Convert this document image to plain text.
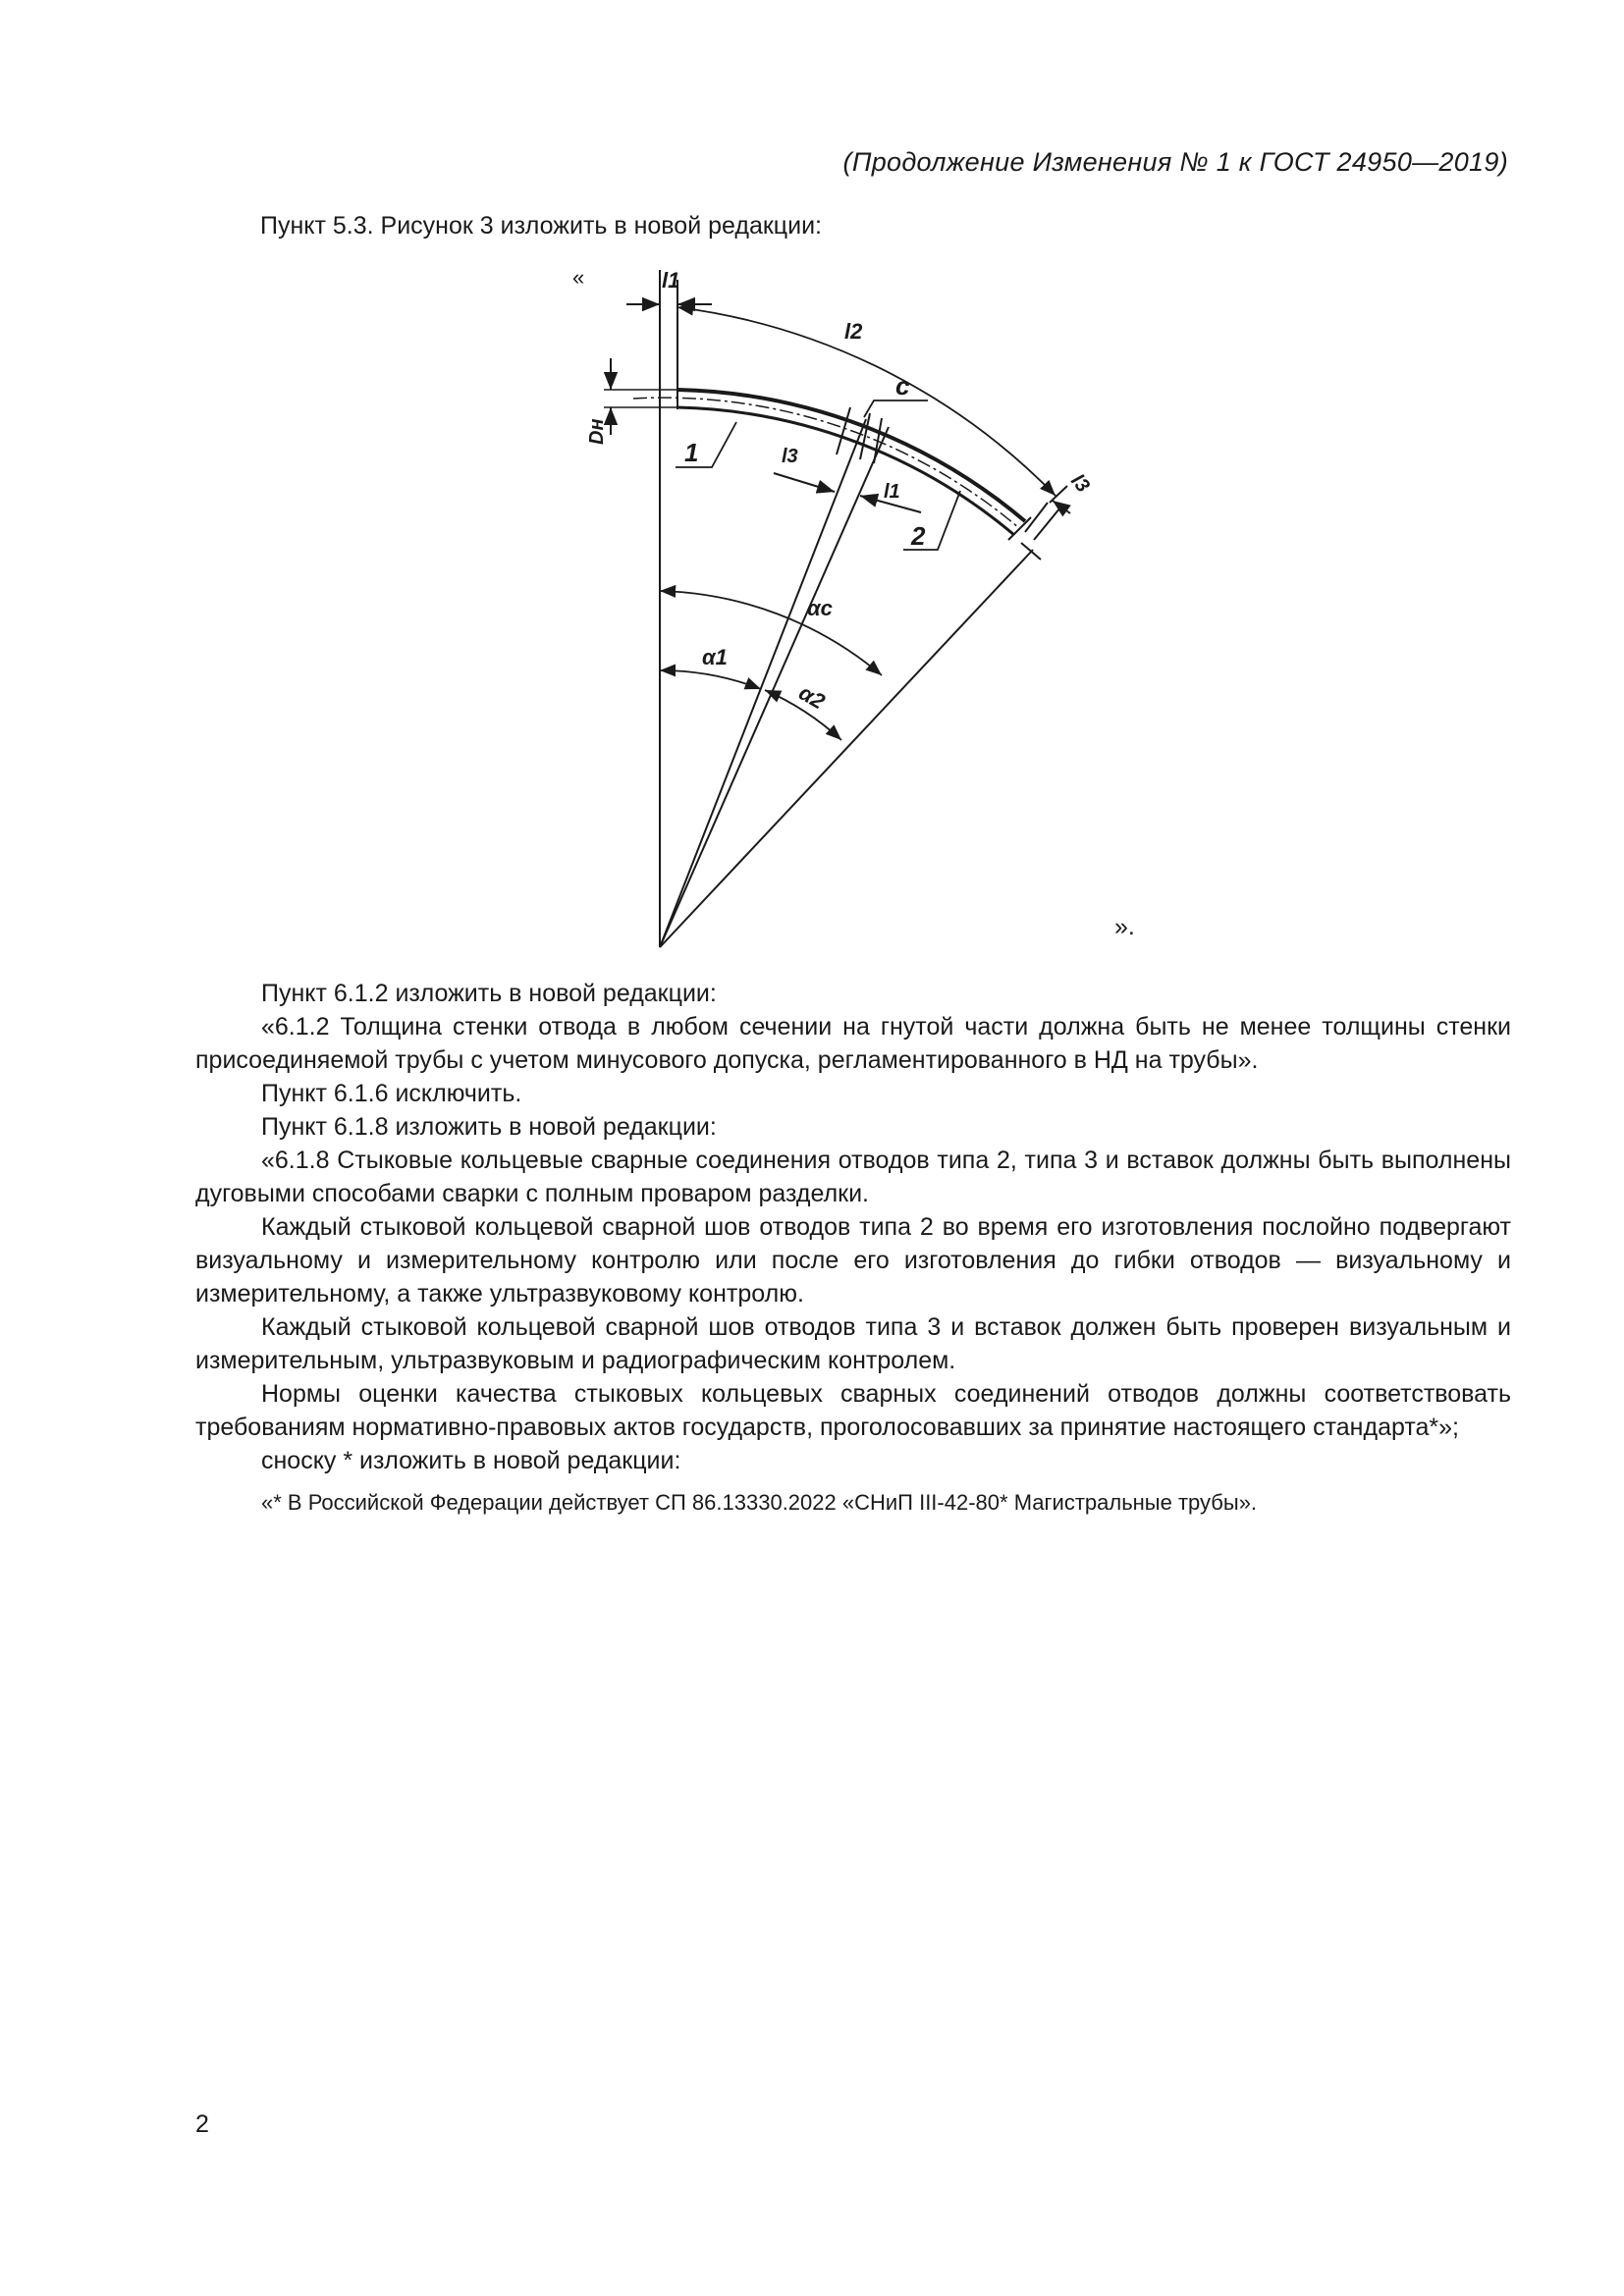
(Продолжение Изменения № 1 к ГОСТ 24950—2019)
Пункт 5.3. Рисунок 3 изложить в новой редакции:
«
».
l1
l2
c
Dн
l3
l1	l3
1
2
αc
α1
α2

Пункт 6.1.2 изложить в новой редакции:

«6.1.2 Толщина стенки отвода в любом сечении на гнутой части должна быть не менее толщины стенки присоединяемой трубы с учетом минусового допуска, регламентированного в НД на трубы».

Пункт 6.1.6 исключить.

Пункт 6.1.8 изложить в новой редакции:

«6.1.8 Стыковые кольцевые сварные соединения отводов типа 2, типа 3 и вставок должны быть выполнены дуговыми способами сварки с полным проваром разделки.

Каждый стыковой кольцевой сварной шов отводов типа 2 во время его изготовления послойно подвергают визуальному и измерительному контролю или после его изготовления до гибки отводов — визуальному и измерительному, а также ультразвуковому контролю.

Каждый стыковой кольцевой сварной шов отводов типа 3 и вставок должен быть проверен визуальным и измерительным, ультразвуковым и радиографическим контролем.

Нормы оценки качества стыковых кольцевых сварных соединений отводов должны соответствовать требованиям нормативно-правовых актов государств, проголосовавших за принятие настоящего стандарта*»;

сноску * изложить в новой редакции:

«* В Российской Федерации действует СП 86.13330.2022 «СНиП III-42-80* Магистральные трубы».

2
